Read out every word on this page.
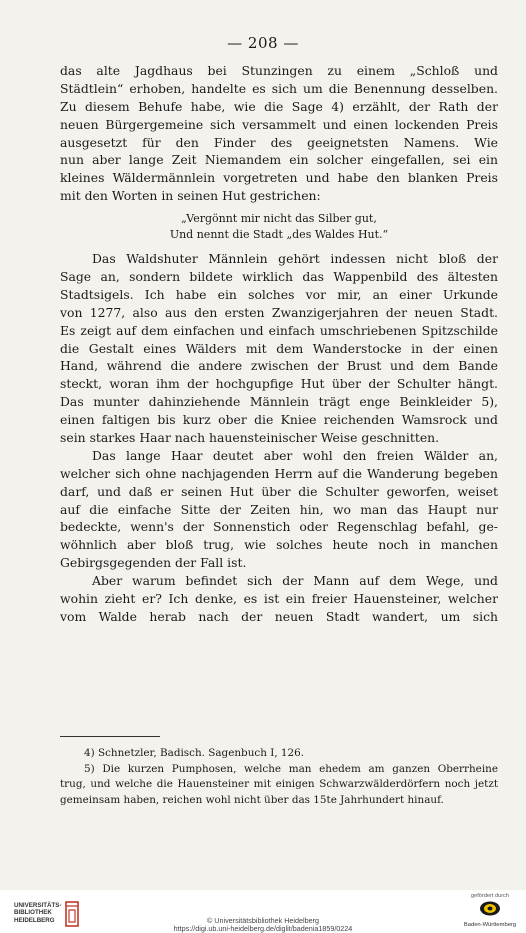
— 208 —
das alte Jagdhaus bei Stunzingen zu einem „Schloß und
Städtlein“ erhoben, handelte es sich um die Benennung desselben.
Zu diesem Behufe habe, wie die Sage 4) erzählt, der Rath der
neuen Bürgergemeine sich versammelt und einen lockenden Preis
ausgesetzt für den Finder des geeignetsten Namens. Wie
nun aber lange Zeit Niemandem ein solcher eingefallen, sei ein
kleines Wäldermännlein vorgetreten und habe den blanken Preis
mit den Worten in seinen Hut gestrichen:
„Vergönnt mir nicht das Silber gut,
Und nennt die Stadt „des Waldes Hut.“
Das Waldshuter Männlein gehört indessen nicht bloß der
Sage an, sondern bildete wirklich das Wappenbild des ältesten
Stadtsigels. Ich habe ein solches vor mir, an einer Urkunde
von 1277, also aus den ersten Zwanzigerjahren der neuen Stadt.
Es zeigt auf dem einfachen und einfach umschriebenen Spitzschilde
die Gestalt eines Wälders mit dem Wanderstocke in der einen
Hand, während die andere zwischen der Brust und dem Bande
steckt, woran ihm der hochgupfige Hut über der Schulter hängt.
Das munter dahinziehende Männlein trägt enge Beinkleider 5),
einen faltigen bis kurz ober die Kniee reichenden Wamsrock und
sein starkes Haar nach hauensteinischer Weise geschnitten.
Das lange Haar deutet aber wohl den freien Wälder an,
welcher sich ohne nachjagenden Herrn auf die Wanderung begeben
darf, und daß er seinen Hut über die Schulter geworfen, weiset
auf die einfache Sitte der Zeiten hin, wo man das Haupt nur
bedeckte, wenn's der Sonnenstich oder Regenschlag befahl, ge-
wöhnlich aber bloß trug, wie solches heute noch in manchen
Gebirgsgegenden der Fall ist.
Aber warum befindet sich der Mann auf dem Wege, und
wohin zieht er? Ich denke, es ist ein freier Hauensteiner, welcher
vom Walde herab nach der neuen Stadt wandert, um sich
4) Schnetzler, Badisch. Sagenbuch I, 126.
5) Die kurzen Pumphosen, welche man ehedem am ganzen Oberrheine
trug, und welche die Hauensteiner mit einigen Schwarzwälderdörfern noch jetzt
gemeinsam haben, reichen wohl nicht über das 15te Jahrhundert hinauf.
UNIVERSITÄTS-
BIBLIOTHEK
HEIDELBERG
gefördert durch
Baden-Württemberg
© Universitätsbibliothek Heidelberg
https://digi.ub.uni-heidelberg.de/diglit/badenia1859/0224
